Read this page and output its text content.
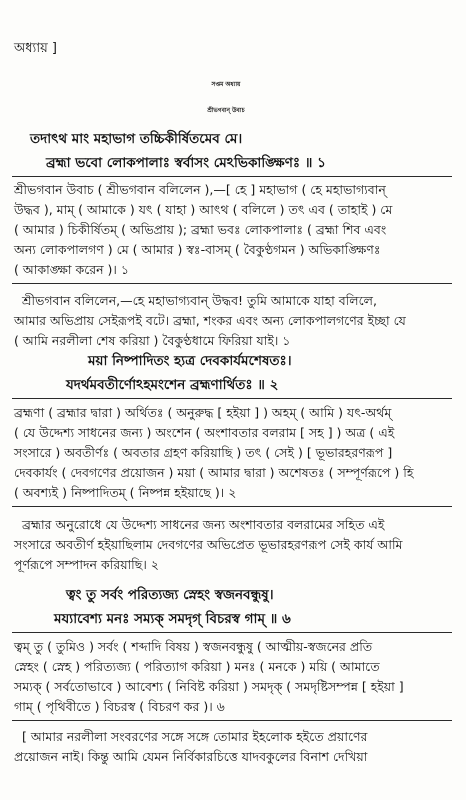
অধ্যায় ]
সপ্তম অধ্যায়
শ্রীভগবান্ উবাচ
তদাৎথ মাং মহাভাগ তচ্চিকীর্ষিতমেব মে।
ব্রহ্মা ভবো লোকপালাঃ স্বর্বাসং মেঽভিকাঙ্ক্ষিণঃ ॥ ১
শ্রীভগবান উবাচ ( শ্রীভগবান বলিলেন ),—[ হে ] মহাভাগ ( হে মহাভাগ্যবান্
উদ্ধব ), মাম্ ( আমাকে ) যৎ ( যাহা ) আৎথ ( বলিলে ) তৎ এব ( তাহাই ) মে
( আমার ) চিকীর্ষিতম্ ( অভিপ্রায় ); ব্রহ্মা ভবঃ লোকপালাঃ ( ব্রহ্মা শিব এবং
অন্য লোকপালগণ ) মে ( আমার ) স্বঃ-বাসম্ ( বৈকুণ্ঠগমন ) অভিকাঙ্ক্ষিণঃ
( আকাঙ্ক্ষা করেন )। ১
শ্রীভগবান বলিলেন,—হে মহাভাগ্যবান্ উদ্ধব! তুমি আমাকে যাহা বলিলে,
আমার অভিপ্রায় সেইরূপই বটে। ব্রহ্মা, শংকর এবং অন্য লোকপালগণের ইচ্ছা যে
( আমি নরলীলা শেষ করিয়া ) বৈকুণ্ঠধামে ফিরিয়া যাই। ১
ময়া নিষ্পাদিতং হ্যত্র দেবকার্যমশেষতঃ।
যদর্থমবতীর্ণোঽহমংশেন ব্রহ্মণার্থিতঃ ॥ ২
ব্রহ্মণা ( ব্রহ্মার দ্বারা ) অর্থিতঃ ( অনুরুদ্ধ [ হইয়া ] ) অহম্ ( আমি ) যৎ-অর্থম্
( যে উদ্দেশ্য সাধনের জন্য ) অংশেন ( অংশাবতার বলরাম [ সহ ] ) অত্র ( এই
সংসারে ) অবতীর্ণঃ ( অবতার গ্রহণ করিয়াছি ) তৎ ( সেই ) [ ভূভারহরণরূপ ]
দেবকার্যং ( দেবগণের প্রয়োজন ) ময়া ( আমার দ্বারা ) অশেষতঃ ( সম্পূর্ণরূপে ) হি
( অবশ্যই ) নিষ্পাদিতম্ ( নিষ্পন্ন হইয়াছে )। ২
ব্রহ্মার অনুরোধে যে উদ্দেশ্য সাধনের জন্য অংশাবতার বলরামের সহিত এই
সংসারে অবতীর্ণ হইয়াছিলাম দেবগণের অভিপ্রেত ভূভারহরণরূপ সেই কার্য আমি
পূর্ণরূপে সম্পাদন করিয়াছি। ২
ত্বং তু সর্বং পরিত্যজ্য স্নেহং স্বজনবন্ধুষু।
ময্যাবেশ্য মনঃ সম্যক্ সমদৃগ্ বিচরস্ব গাম্ ॥ ৬
ত্বম্ তু ( তুমিও ) সর্বং ( শব্দাদি বিষয় ) স্বজনবন্ধুষু ( আত্মীয়-স্বজনের প্রতি
স্নেহং ( স্নেহ ) পরিত্যজ্য ( পরিত্যাগ করিয়া ) মনঃ ( মনকে ) ময়ি ( আমাতে
সম্যক্ ( সর্বতোভাবে ) আবেশ্য ( নিবিষ্ট করিয়া ) সমদৃক্ ( সমদৃষ্টিসম্পন্ন [ হইয়া ]
গাম্ ( পৃথিবীতে ) বিচরস্ব ( বিচরণ কর )। ৬
[ আমার নরলীলা সংবরণের সঙ্গে সঙ্গে তোমার ইহলোক হইতে প্রয়াণের
প্রয়োজন নাই। কিন্তু আমি যেমন নির্বিকারচিত্তে যাদবকুলের বিনাশ দেখিয়া
